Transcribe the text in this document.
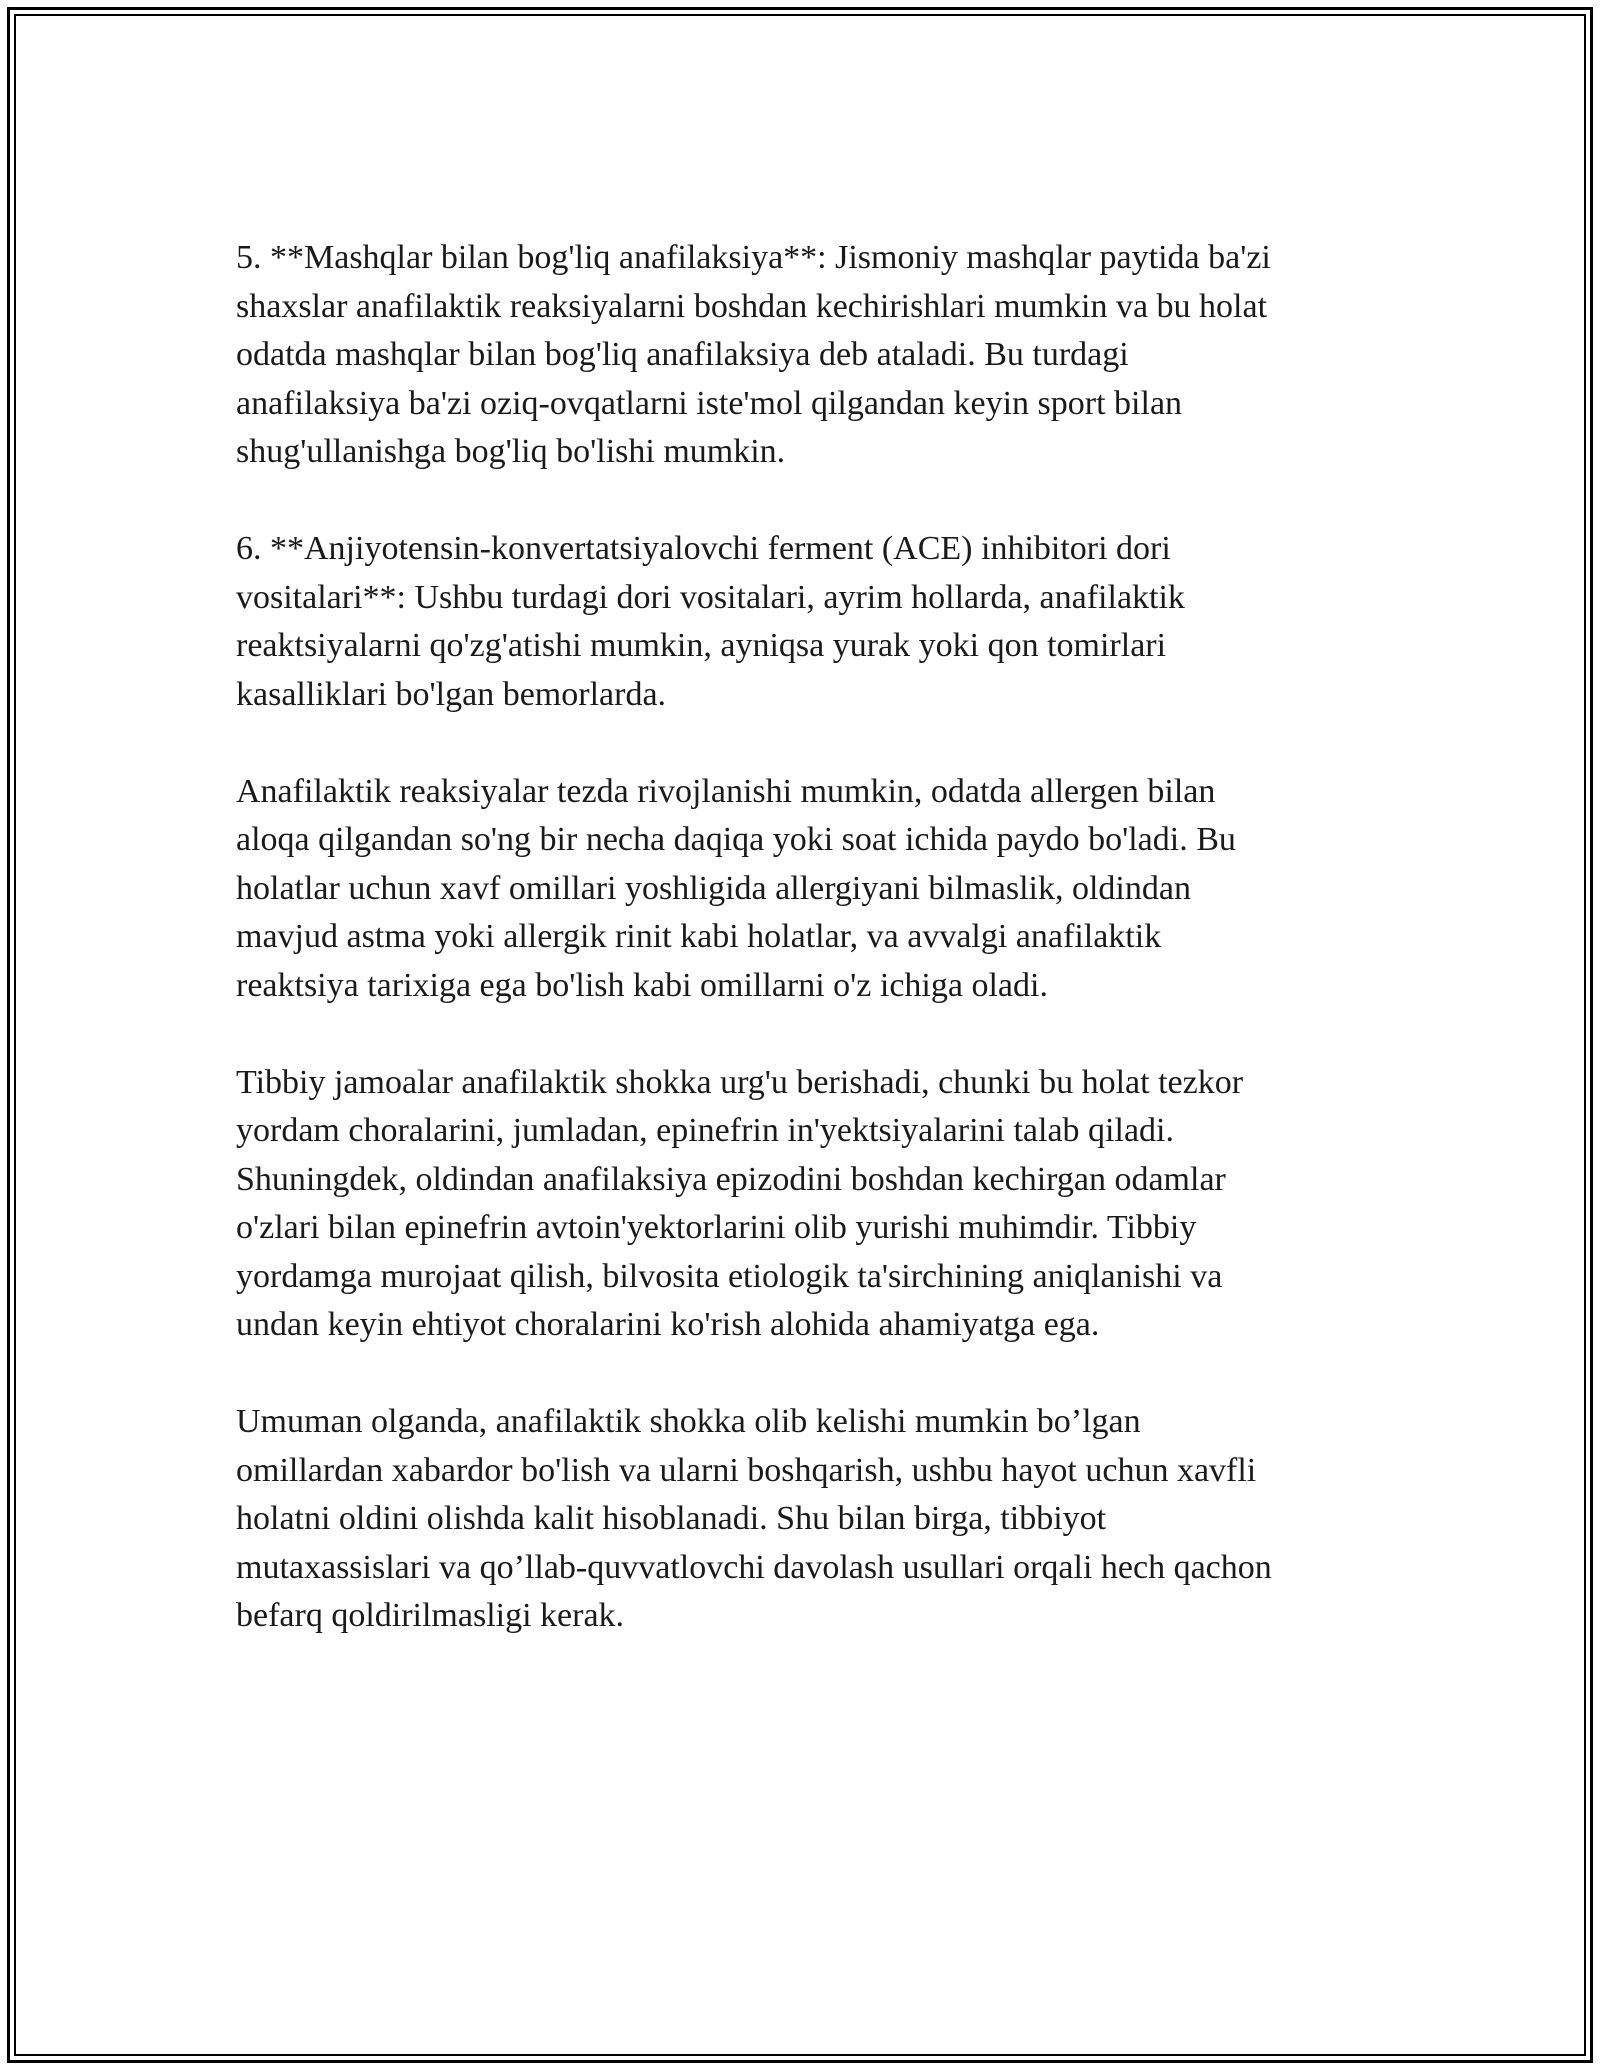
5. **Mashqlar bilan bog'liq anafilaksiya**: Jismoniy mashqlar paytida ba'zi
shaxslar anafilaktik reaksiyalarni boshdan kechirishlari mumkin va bu holat
odatda mashqlar bilan bog'liq anafilaksiya deb ataladi. Bu turdagi
anafilaksiya ba'zi oziq-ovqatlarni iste'mol qilgandan keyin sport bilan
shug'ullanishga bog'liq bo'lishi mumkin.

6. **Anjiyotensin-konvertatsiyalovchi ferment (ACE) inhibitori dori
vositalari**: Ushbu turdagi dori vositalari, ayrim hollarda, anafilaktik
reaktsiyalarni qo'zg'atishi mumkin, ayniqsa yurak yoki qon tomirlari
kasalliklari bo'lgan bemorlarda.

Anafilaktik reaksiyalar tezda rivojlanishi mumkin, odatda allergen bilan
aloqa qilgandan so'ng bir necha daqiqa yoki soat ichida paydo bo'ladi. Bu
holatlar uchun xavf omillari yoshligida allergiyani bilmaslik, oldindan
mavjud astma yoki allergik rinit kabi holatlar, va avvalgi anafilaktik
reaktsiya tarixiga ega bo'lish kabi omillarni o'z ichiga oladi.

Tibbiy jamoalar anafilaktik shokka urg'u berishadi, chunki bu holat tezkor
yordam choralarini, jumladan, epinefrin in'yektsiyalarini talab qiladi.
Shuningdek, oldindan anafilaksiya epizodini boshdan kechirgan odamlar
o'zlari bilan epinefrin avtoin'yektorlarini olib yurishi muhimdir. Tibbiy
yordamga murojaat qilish, bilvosita etiologik ta'sirchining aniqlanishi va
undan keyin ehtiyot choralarini ko'rish alohida ahamiyatga ega.

Umuman olganda, anafilaktik shokka olib kelishi mumkin bo’lgan
omillardan xabardor bo'lish va ularni boshqarish, ushbu hayot uchun xavfli
holatni oldini olishda kalit hisoblanadi. Shu bilan birga, tibbiyot
mutaxassislari va qo’llab-quvvatlovchi davolash usullari orqali hech qachon
befarq qoldirilmasligi kerak.
